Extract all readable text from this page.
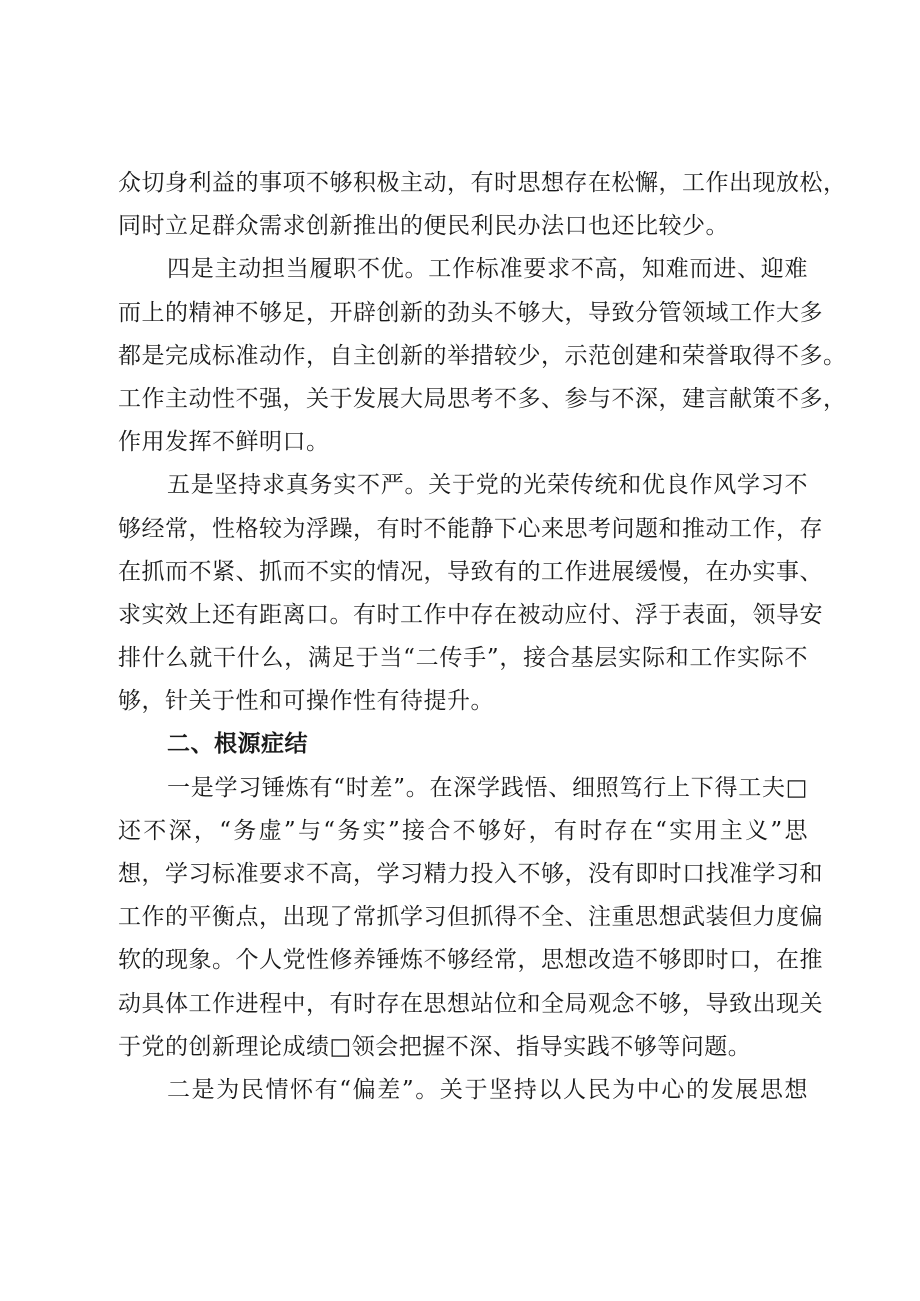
众切身利益的事项不够积极主动，有时思想存在松懈，工作出现放松，
同时立足群众需求创新推出的便民利民办法口也还比较少。
四是主动担当履职不优。工作标准要求不高，知难而进、迎难
而上的精神不够足，开辟创新的劲头不够大，导致分管领域工作大多
都是完成标准动作，自主创新的举措较少，示范创建和荣誉取得不多。
工作主动性不强，关于发展大局思考不多、参与不深，建言献策不多，
作用发挥不鲜明口。
五是坚持求真务实不严。关于党的光荣传统和优良作风学习不
够经常，性格较为浮躁，有时不能静下心来思考问题和推动工作，存
在抓而不紧、抓而不实的情况，导致有的工作进展缓慢，在办实事、
求实效上还有距离口。有时工作中存在被动应付、浮于表面，领导安
排什么就干什么，满足于当“二传手”，接合基层实际和工作实际不
够，针关于性和可操作性有待提升。
二、根源症结
一是学习锤炼有“时差”。在深学践悟、细照笃行上下得工夫□
还不深，“务虚”与“务实”接合不够好，有时存在“实用主义”思
想，学习标准要求不高，学习精力投入不够，没有即时口找准学习和
工作的平衡点，出现了常抓学习但抓得不全、注重思想武装但力度偏
软的现象。个人党性修养锤炼不够经常，思想改造不够即时口，在推
动具体工作进程中，有时存在思想站位和全局观念不够，导致出现关
于党的创新理论成绩□领会把握不深、指导实践不够等问题。
二是为民情怀有“偏差”。关于坚持以人民为中心的发展思想
